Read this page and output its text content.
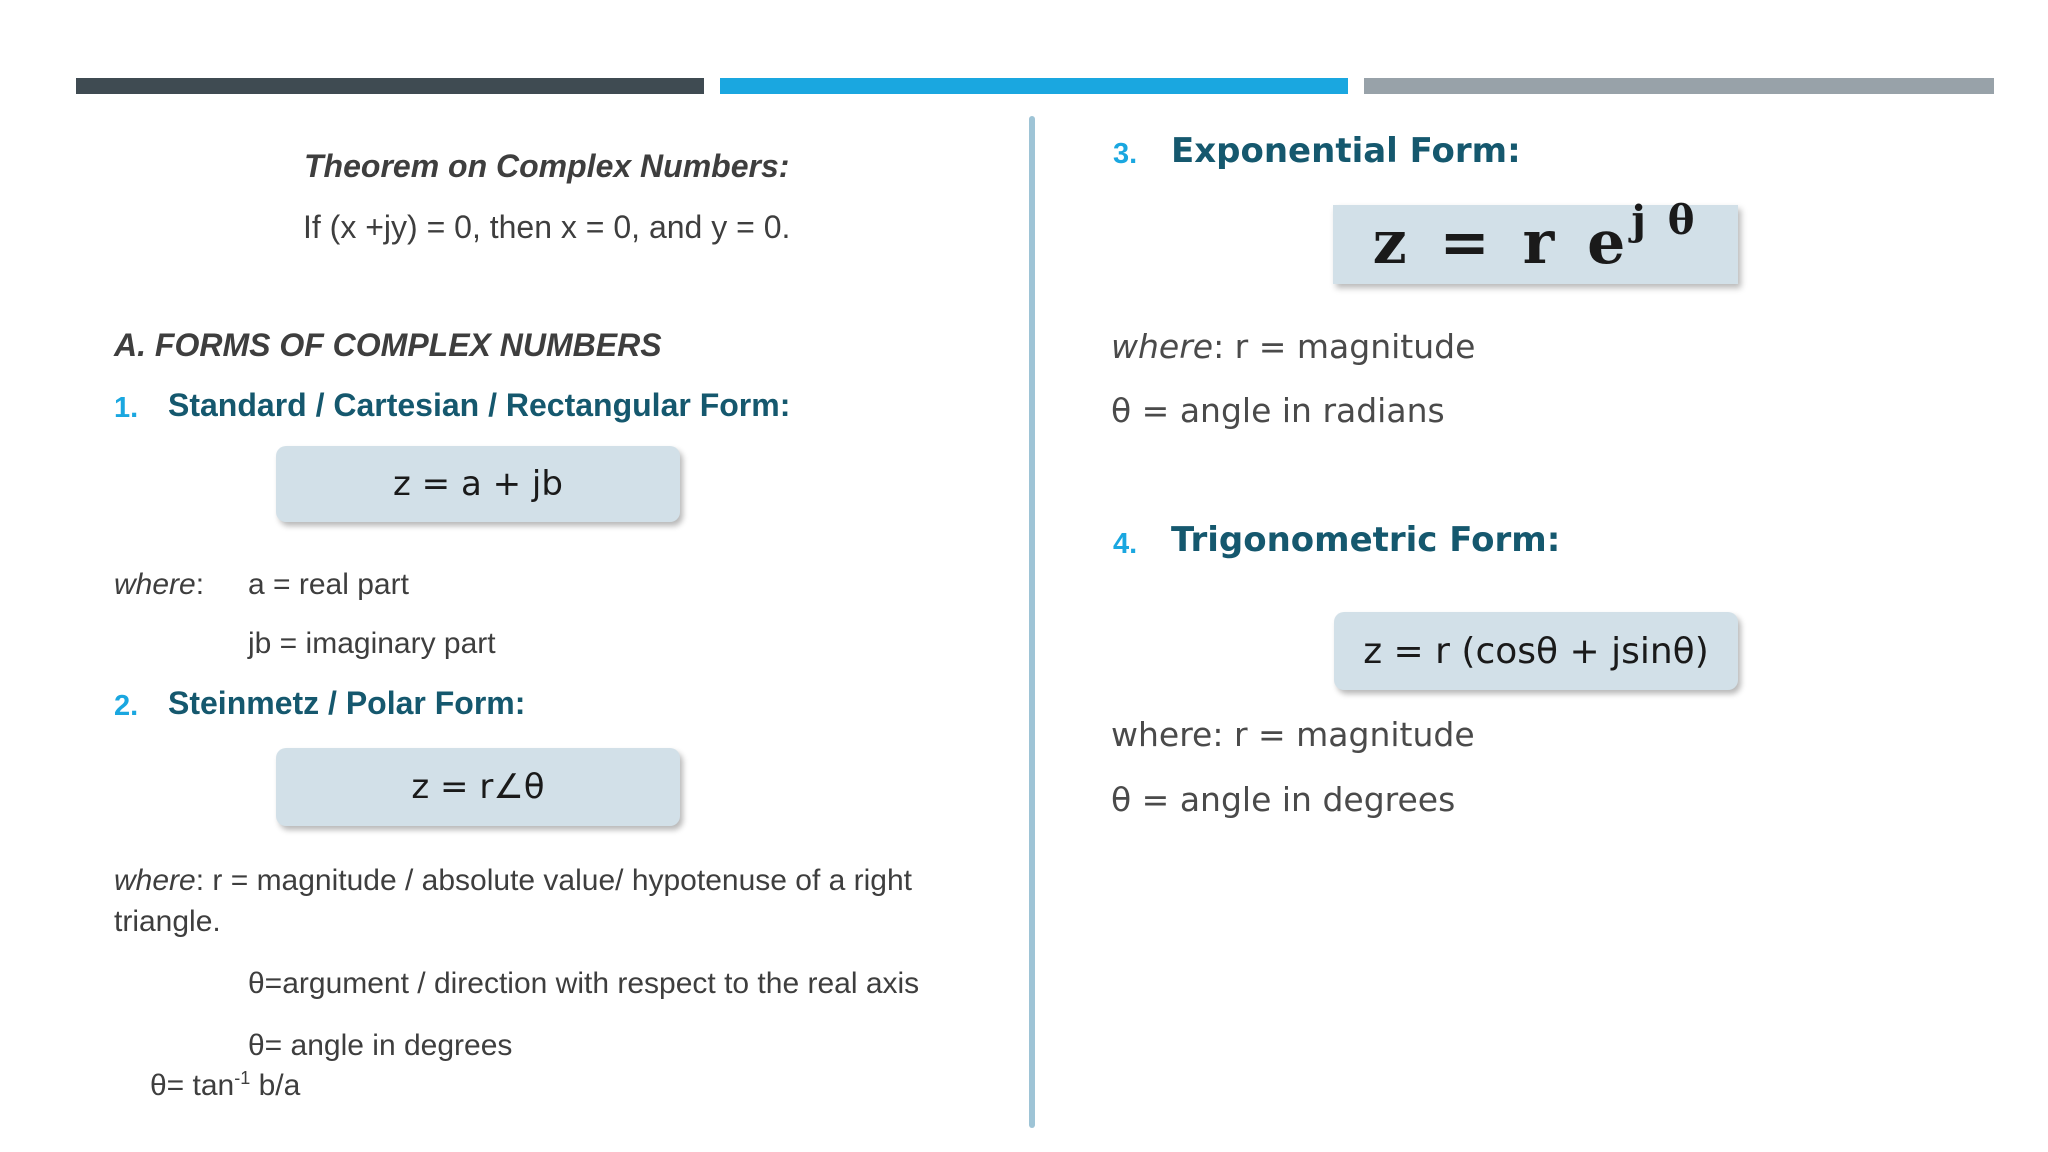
Theorem on Complex Numbers:
If (x +jy) = 0, then x = 0, and y = 0.
A. FORMS OF COMPLEX NUMBERS
1. Standard / Cartesian / Rectangular Form:
z = a + jb
where: a = real part
jb = imaginary part
2. Steinmetz / Polar Form:
z = r∠θ
where: r = magnitude / absolute value/ hypotenuse of a right
triangle.
θ=argument / direction with respect to the real axis
θ= angle in degrees
$\theta= \tan^{-1} b/a$
3. Exponential Form:
z = r $e^{j \theta}$
where: r = magnitude
θ = angle in radians
4. Trigonometric Form:
z = r (cosθ + jsinθ)
where: r = magnitude
θ = angle in degrees
